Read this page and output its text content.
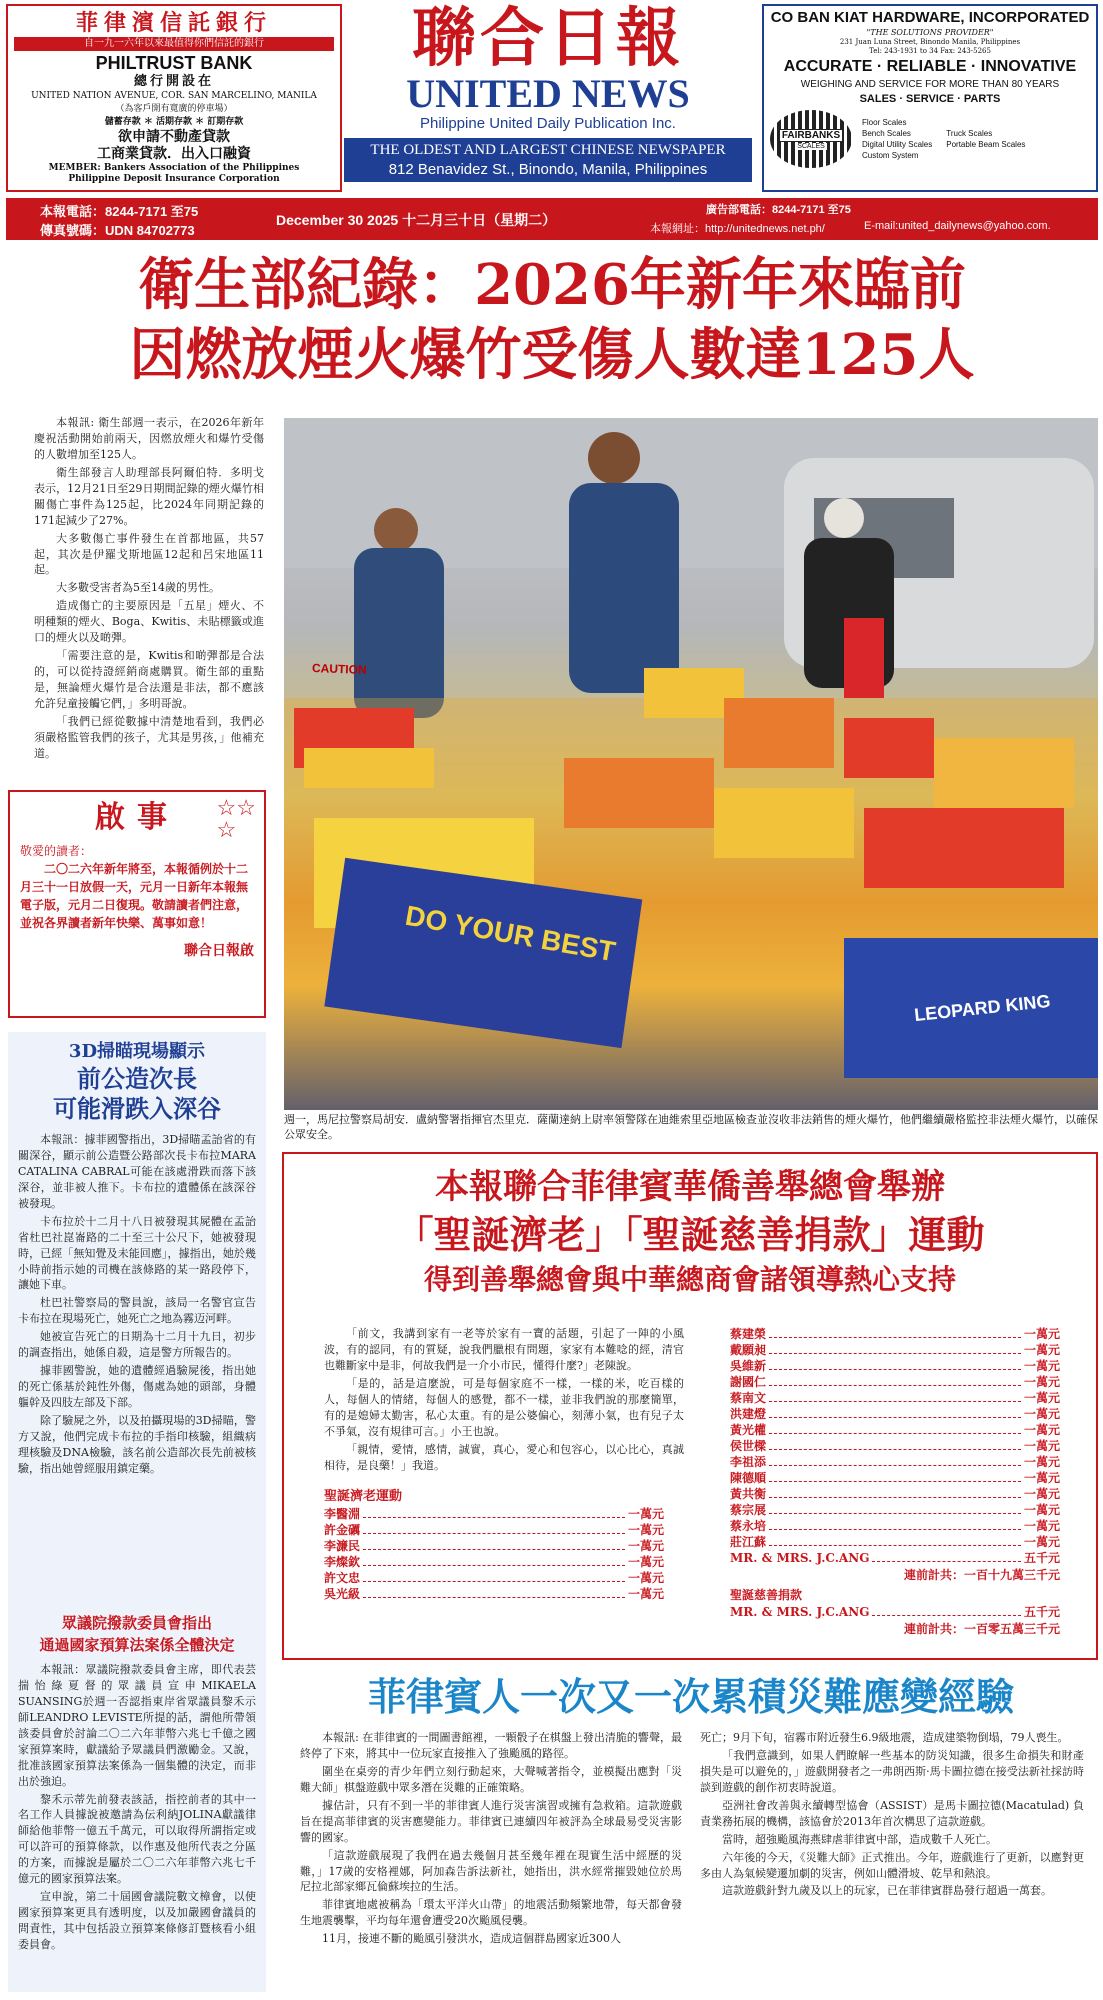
菲律濱信託銀行
自一九一六年以來最值得你們信託的銀行
PHILTRUST BANK
總行開設在
UNITED NATION AVENUE, COR. SAN MARCELINO, MANILA
（為客戶開有寬廣的停車場）
儲蓄存款 ＊ 活期存款 ＊ 訂期存款
欲申請不動產貸款
工商業貸款．出入口融資
MEMBER: Bankers Association of the Philippines
Philippine Deposit Insurance Corporation
聯合日報
UNITED NEWS
Philippine United Daily Publication Inc.
THE OLDEST AND LARGEST CHINESE NEWSPAPER
812 Benavidez St., Binondo, Manila, Philippines
CO BAN KIAT HARDWARE, INCORPORATED
"THE SOLUTIONS PROVIDER"
231 Juan Luna Street, Binondo Manila, Philippines
Tel: 243-1931 to 34 Fax: 243-5265
ACCURATE · RELIABLE · INNOVATIVE
WEIGHING AND SERVICE FOR MORE THAN 80 YEARS
SALES · SERVICE · PARTS
FAIRBANKS
SCALES
Floor Scales
Bench Scales
Digital Utility Scales
Custom System
Truck Scales
Portable Beam Scales
本報電話：8244-7171 至75
傳真號碼：UDN 84702773
December 30 2025 十二月三十日（星期二）
廣告部電話：8244-7171 至75
本報網址：http://unitednews.net.ph/	E-mail:united_dailynews@yahoo.com.
衛生部紀錄：2026年新年來臨前
因燃放煙火爆竹受傷人數達125人

本報訊: 衛生部週一表示，在2026年新年慶祝活動開始前兩天，因燃放煙火和爆竹受傷的人數增加至125人。

衛生部發言人助理部長阿爾伯特．多明戈表示，12月21日至29日期間記錄的煙火爆竹相關傷亡事件為125起，比2024年同期記錄的171起減少了27%。

大多數傷亡事件發生在首都地區，共57起，其次是伊羅戈斯地區12起和呂宋地區11起。

大多數受害者為5至14歲的男性。

造成傷亡的主要原因是「五星」煙火、不明種類的煙火、Boga、Kwitis、未貼標籤或進口的煙火以及啲彈。

「需要注意的是，Kwitis和啲彈都是合法的，可以從持證經銷商處購買。衛生部的重點是，無論煙火爆竹是合法還是非法，都不應該允許兒童接觸它們，」多明哥說。

「我們已經從數據中清楚地看到，我們必須嚴格監管我們的孩子，尤其是男孩，」他補充道。

☆☆
☆
啟事
敬愛的讀者：
二〇二六年新年將至，本報循例於十二月三十一日放假一天，元月一日新年本報無電子版，元月二日復現。敬請讀者們注意，並祝各界讀者新年快樂、萬事如意！
聯合日報啟
3D掃瞄現場顯示
前公造次長
可能滑跌入深谷

本報訊：據菲國警指出，3D掃瞄孟詒省的有關深谷，顯示前公造暨公路部次長卡布拉MARA CATALINA CABRAL可能在該處滑跌而落下該深谷，並非被人推下。卡布拉的遺體係在該深谷被發現。

卡布拉於十二月十八日被發現其屍體在孟詒省杜巴社崑崙路的二十至三十公尺下，她被發現時，已經「無知覺及未能回應」，據指出，她於幾小時前指示她的司機在該條路的某一路段停下，讓她下車。

杜巴社警察局的警員說，該局一名警官宣告卡布拉在現場死亡，她死亡之地為霧迈河畔。

她被宣告死亡的日期為十二月十九日，初步的調查指出，她係自殺，這是警方所報告的。

據菲國警說，她的遺體經過驗屍後，指出她的死亡係基於鈍性外傷，傷處為她的頭部，身體軀幹及四肢左部及下部。

除了驗屍之外，以及拍攝現場的3D掃瞄，警方又說，他們完成卡布拉的手指印核驗，組織病理核驗及DNA檢驗，該名前公造部次長先前被核驗，指出她曾經服用鎮定藥。

眾議院撥款委員會指出
通過國家預算法案係全體決定

本報訊：眾議院撥款委員會主席，即代表芸揣怡綠夏督的眾議員宣申MIKAELA SUANSING於週一否認指東岸省眾議員黎禾示師LEANDRO LEVISTE所提的話，謂他所帶領該委員會於討論二〇二六年菲幣六兆七千億之國家預算案時，獻議給予眾議員們激勵金。又說，批准該國家預算法案係為一個集體的決定，而非出於強迫。

黎禾示蒂先前發表該話，指控前者的其中一名工作人員據說被邀請為伝利納JOLINA獻議律師給他菲幣一億五千萬元，可以取得所謂指定或可以許可的預算條款，以作惠及他所代表之分區的方案，而據說是屬於二〇二六年菲幣六兆七千億元的國家預算法案。

宣申說，第二十屆國會議院數文樟會，以使國家預算案更具有透明度，以及加嚴國會議員的問責性，其中包括設立預算案條修訂暨核看小組委員會。

CAUTION
DO YOUR BEST
LEOPARD KING
週一，馬尼拉警察局胡安．盧納警署指揮官杰里克．薩蘭達納上尉率領警隊在迪維索里亞地區檢查並沒收非法銷售的煙火爆竹，他們繼續嚴格監控非法煙火爆竹，以確保公眾安全。
本報聯合菲律賓華僑善舉總會舉辦
「聖誕濟老」「聖誕慈善捐款」運動
得到善舉總會與中華總商會諸領導熱心支持

「前文，我講到家有一老等於家有一寶的話題，引起了一陣的小風波，有的認同，有的質疑，說我們臘根有問題，家家有本難唸的經，清官也難斷家中是非，何故我們是一介小市民，懂得什麼?」老陳說。

「是的，話是這麼說，可是每個家庭不一樣，一樣的米，吃百樣的人，每個人的情緒，每個人的感覺，都不一樣，並非我們說的那麼簡單，有的是媳婦太勤害，私心太重。有的是公婆偏心，刻薄小氣，也有兒子太不爭氣，沒有規律可言。」小王也說。

「親情，愛情，感情，誠實，真心，愛心和包容心，以心比心，真誠相待，是良藥！」我道。

聖誕濟老運動
李醫淵	一萬元
許金礪	一萬元
李濂民	一萬元
李燦欽	一萬元
許文忠	一萬元
吳光級	一萬元
蔡建榮	一萬元
戴願昶	一萬元
吳維新	一萬元
謝國仁	一萬元
蔡南文	一萬元
洪建燈	一萬元
黃光權	一萬元
侯世樑	一萬元
李祖添	一萬元
陳德順	一萬元
黃共衡	一萬元
蔡宗展	一萬元
蔡永培	一萬元
莊江蘇	一萬元
MR. & MRS. J.C.ANG	五千元
連前計共：一百十九萬三千元
聖誕慈善捐款
MR. & MRS. J.C.ANG	五千元
連前計共：一百零五萬三千元
菲律賓人一次又一次累積災難應變經驗

本報訊: 在菲律賓的一間圖書館裡，一顆骰子在棋盤上發出清脆的響聲，最終停了下來，將其中一位玩家直接推入了強颱風的路徑。

圍坐在桌旁的青少年們立刻行動起來，大聲喊著指令，並模擬出應對「災難大師」棋盤遊戲中眾多潛在災難的正確策略。

據估計，只有不到一半的菲律賓人進行災害演習或擁有急救箱。這款遊戲旨在提高菲律賓的災害應變能力。菲律賓已連續四年被評為全球最易受災害影響的國家。

「這款遊戲展現了我們在過去幾個月甚至幾年裡在現實生活中經歷的災難，」17歲的安格裡娜，阿加森告訴法新社，她指出，洪水經常摧毀她位於馬尼拉北部家鄉瓦倫蘇埃拉的生活。

菲律賓地處被稱為「環太平洋火山帶」的地震活動頻繁地帶，每天都會發生地震襲擊，平均每年還會遭受20次颱風侵襲。

11月，接連不斷的颱風引發洪水，造成這個群島國家近300人

死亡；9月下旬，宿霧市附近發生6.9級地震，造成建築物倒塌，79人喪生。

「我們意識到，如果人們瞭解一些基本的防災知識，很多生命損失和財產損失是可以避免的，」遊戲開發者之一弗朗西斯·馬卡圖拉德在接受法新社採訪時談到遊戲的創作初衷時說道。

亞洲社會改善與永續轉型協會（ASSIST）是馬卡圖拉德(Macatulad) 負責業務拓展的機構，該協會於2013年首次構思了這款遊戲。

當時，超強颱風海燕肆虐菲律賓中部，造成數千人死亡。

六年後的今天，《災難大師》正式推出。今年，遊戲進行了更新，以應對更多由人為氣候變遷加劇的災害，例如山體滑坡、乾旱和熱浪。

這款遊戲針對九歲及以上的玩家，已在菲律賓群島發行超過一萬套。
